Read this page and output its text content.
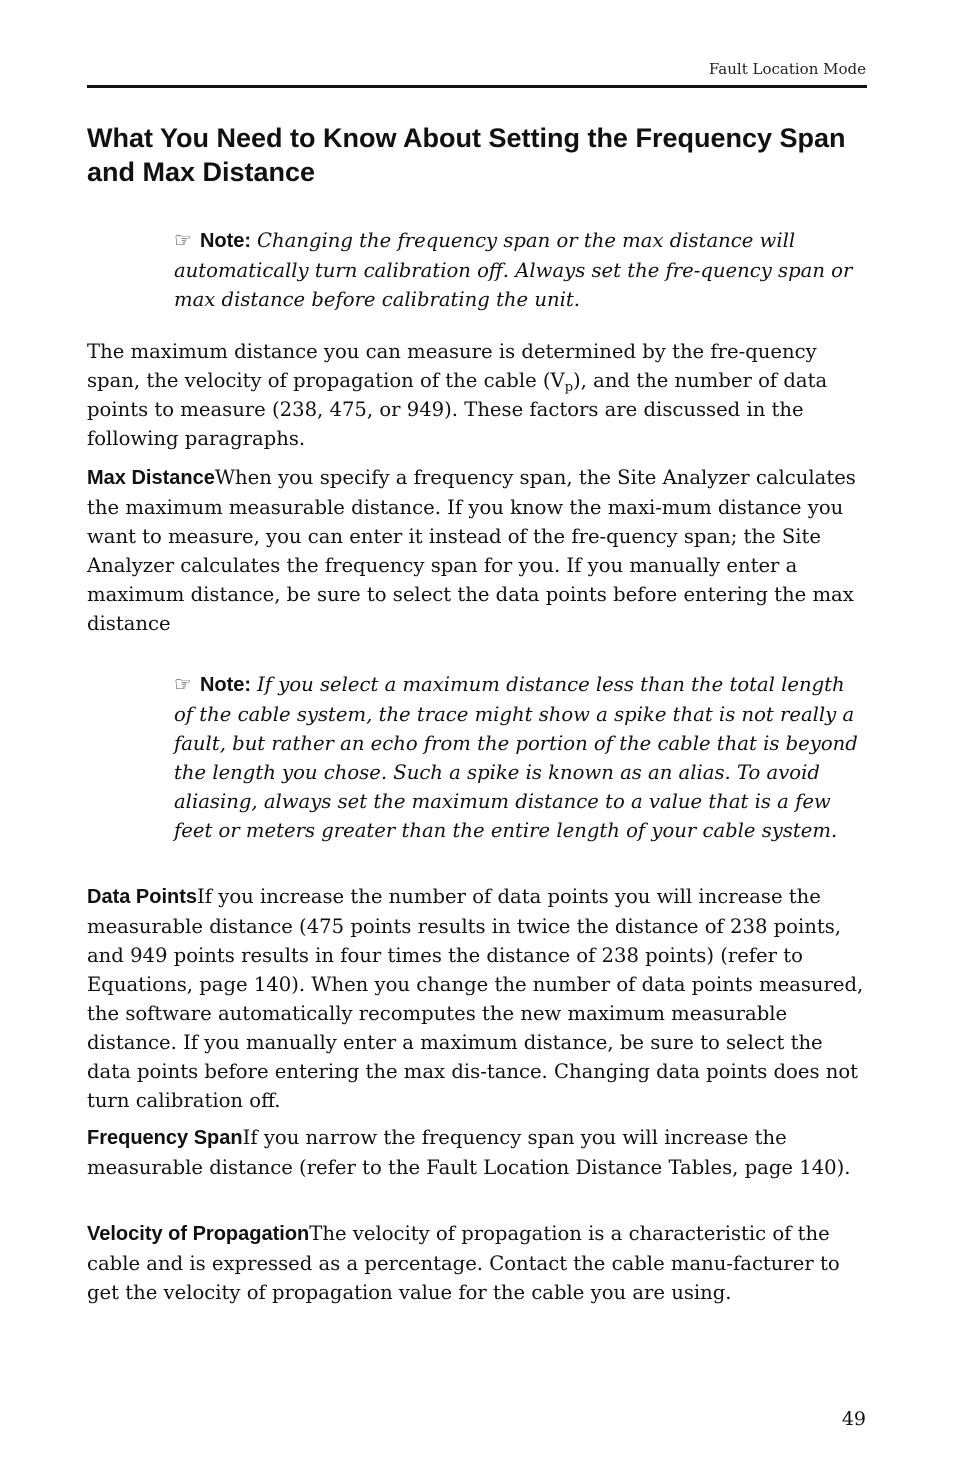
Fault Location Mode
What You Need to Know About Setting the Frequency Span and Max Distance

☞ Note: Changing the frequency span or the max distance will automatically turn calibration off. Always set the fre-quency span or max distance before calibrating the unit.

The maximum distance you can measure is determined by the fre-quency span, the velocity of propagation of the cable $(V_p)$, and the number of data points to measure (238, 475, or 949). These factors are discussed in the following paragraphs.

Max DistanceWhen you specify a frequency span, the Site Analyzer calculates the maximum measurable distance. If you know the maxi-mum distance you want to measure, you can enter it instead of the fre-quency span; the Site Analyzer calculates the frequency span for you. If you manually enter a maximum distance, be sure to select the data points before entering the max distance

☞ Note: If you select a maximum distance less than the total length of the cable system, the trace might show a spike that is not really a fault, but rather an echo from the portion of the cable that is beyond the length you chose. Such a spike is known as an alias. To avoid aliasing, always set the maximum distance to a value that is a few feet or meters greater than the entire length of your cable system.

Data PointsIf you increase the number of data points you will increase the measurable distance (475 points results in twice the distance of 238 points, and 949 points results in four times the distance of 238 points) (refer to Equations, page 140). When you change the number of data points measured, the software automatically recomputes the new maximum measurable distance. If you manually enter a maximum distance, be sure to select the data points before entering the max dis-tance. Changing data points does not turn calibration off.

Frequency SpanIf you narrow the frequency span you will increase the measurable distance (refer to the Fault Location Distance Tables, page 140).

Velocity of PropagationThe velocity of propagation is a characteristic of the cable and is expressed as a percentage. Contact the cable manu-facturer to get the velocity of propagation value for the cable you are using.

49
